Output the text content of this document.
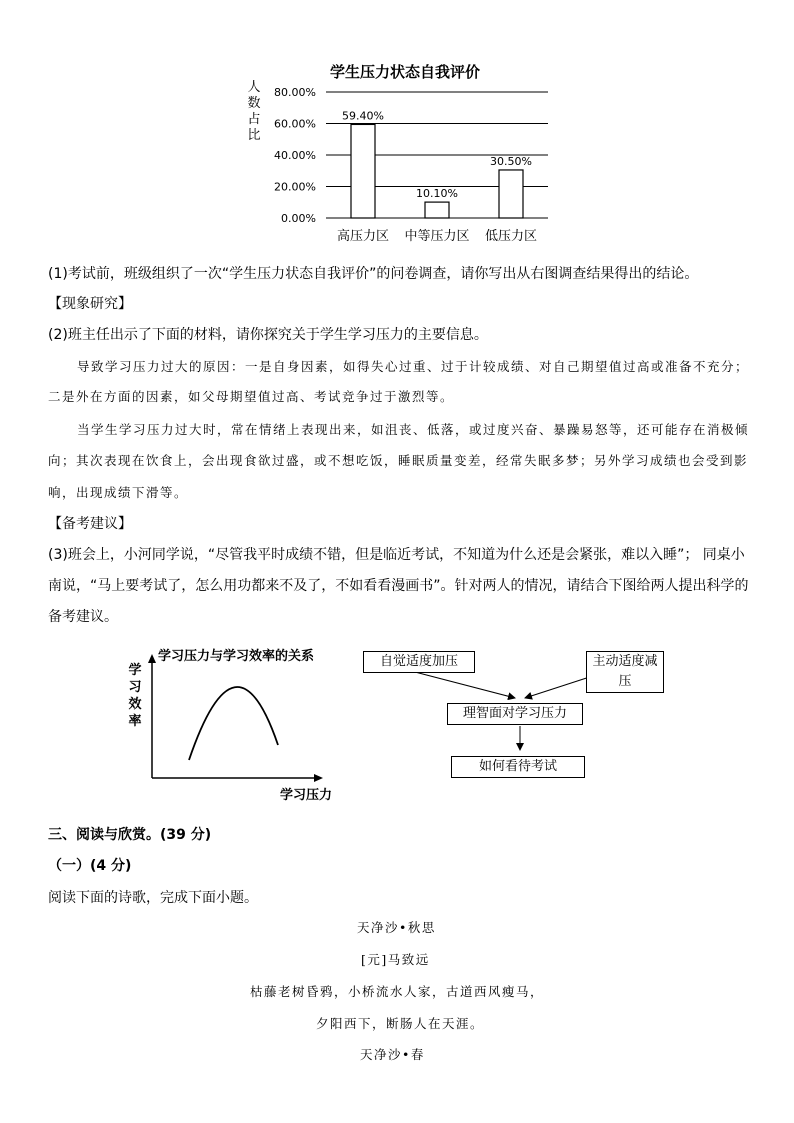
学生压力状态自我评价
人
数
占
比
0.00%
20.00%
40.00%
60.00%
80.00%
59.40%
高压力区
10.10%
中等压力区
30.50%
低压力区
(1)考试前，班级组织了一次“学生压力状态自我评价”的问卷调查，请你写出从右图调查结果得出的结论。
【现象研究】
(2)班主任出示了下面的材料，请你探究关于学生学习压力的主要信息。
导致学习压力过大的原因：一是自身因素，如得失心过重、过于计较成绩、对自己期望值过高或准备不充分；
二是外在方面的因素，如父母期望值过高、考试竞争过于激烈等。
当学生学习压力过大时，常在情绪上表现出来，如沮丧、低落，或过度兴奋、暴躁易怒等，还可能存在消极倾
向；其次表现在饮食上，会出现食欲过盛，或不想吃饭，睡眠质量变差，经常失眠多梦；另外学习成绩也会受到影
响，出现成绩下滑等。
【备考建议】
(3)班会上，小河同学说，“尽管我平时成绩不错，但是临近考试，不知道为什么还是会紧张，难以入睡”； 同桌小
南说，“马上要考试了，怎么用功都来不及了，不如看看漫画书”。针对两人的情况，请结合下图给两人提出科学的
备考建议。
学习压力与学习效率的关系
学
习
效
率
学习压力
自觉适度加压	主动适度减压
理智面对学习压力
如何看待考试
三、阅读与欣赏。(39 分)
（一）(4 分)
阅读下面的诗歌，完成下面小题。
天净沙•秋思
[元]马致远
枯藤老树昏鸦，小桥流水人家，古道西风瘦马，
夕阳西下，断肠人在天涯。
天净沙•春
